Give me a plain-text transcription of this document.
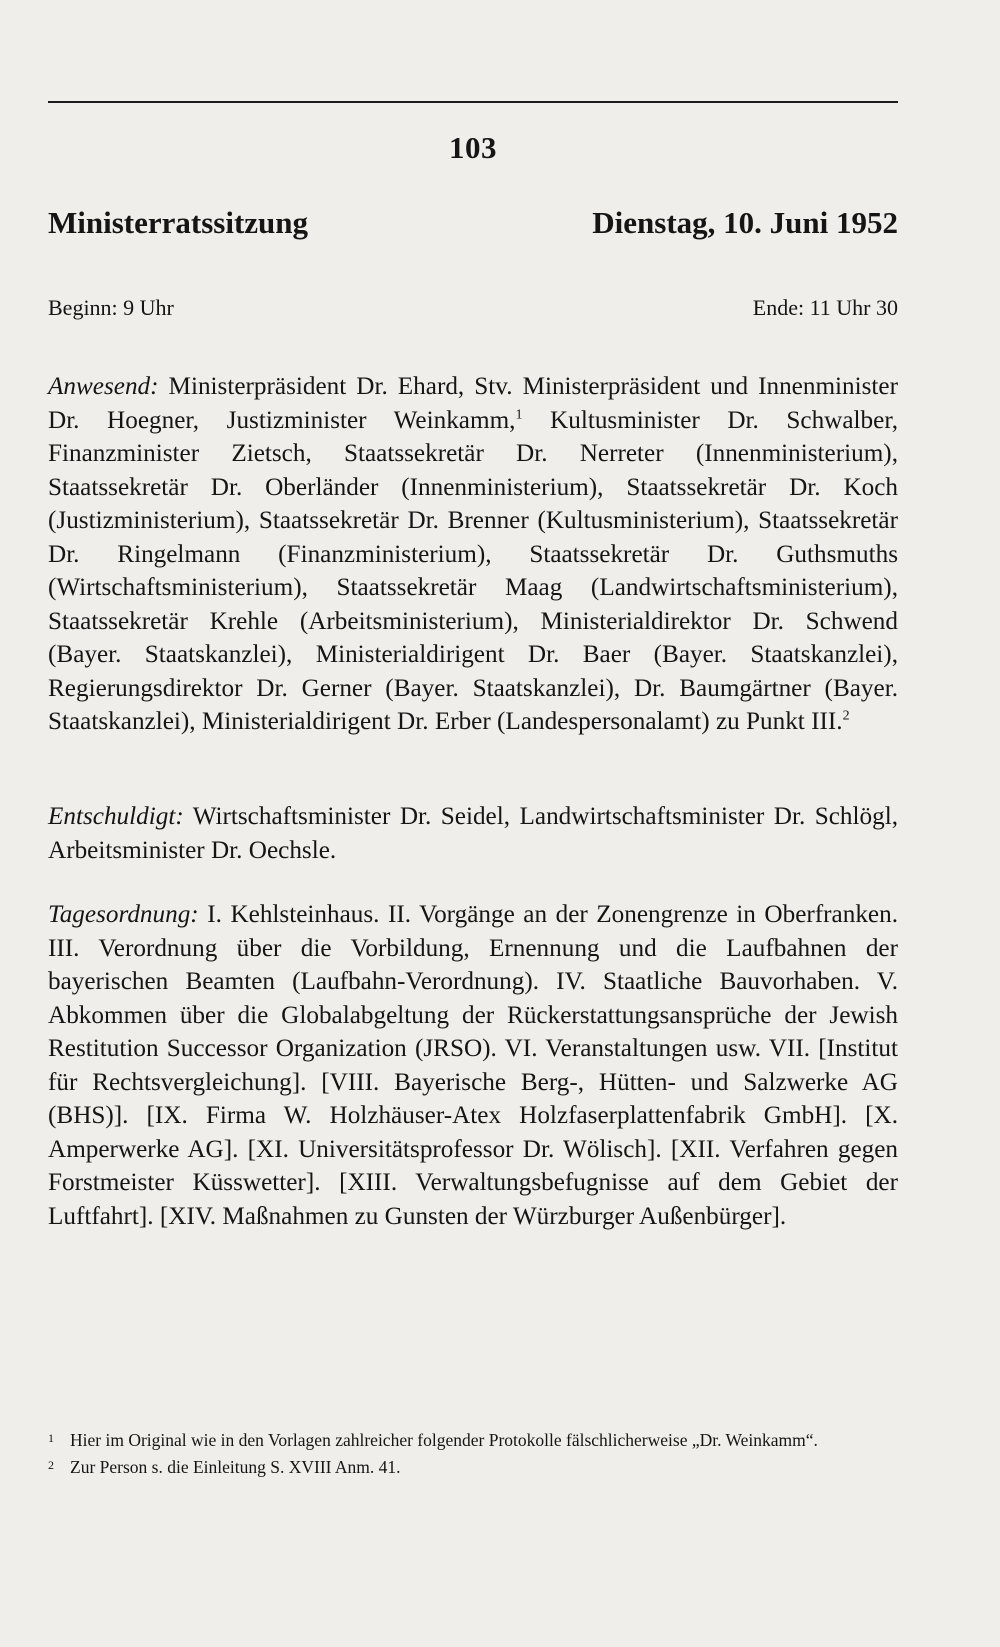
103
Ministerratssitzung	Dienstag, 10. Juni 1952
Beginn: 9 Uhr	Ende: 11 Uhr 30

Anwesend: Ministerpräsident Dr. Ehard, Stv. Ministerpräsident und Innenminister Dr. Hoegner, Justizminister Weinkamm,$^1$ Kultusminister Dr. Schwalber, Finanzminister Zietsch, Staatssekretär Dr. Nerreter (Innenministerium), Staatssekretär Dr. Oberländer (Innenministerium), Staatssekretär Dr. Koch (Justizministerium), Staatssekretär Dr. Brenner (Kultusministerium), Staatssekretär Dr. Ringelmann (Finanzministerium), Staatssekretär Dr. Guthsmuths (Wirtschaftsministerium), Staatssekretär Maag (Landwirtschaftsministerium), Staatssekretär Krehle (Arbeitsministerium), Ministerialdirektor Dr. Schwend (Bayer. Staatskanzlei), Ministerialdirigent Dr. Baer (Bayer. Staatskanzlei), Regierungsdirektor Dr. Gerner (Bayer. Staatskanzlei), Dr. Baumgärtner (Bayer. Staatskanzlei), Ministerialdirigent Dr. Erber (Landespersonalamt) zu Punkt III.$^2$

Entschuldigt: Wirtschaftsminister Dr. Seidel, Landwirtschaftsminister Dr. Schlögl, Arbeitsminister Dr. Oechsle.

Tagesordnung: I. Kehlsteinhaus. II. Vorgänge an der Zonengrenze in Oberfranken. III. Verordnung über die Vorbildung, Ernennung und die Laufbahnen der bayerischen Beamten (Laufbahn-Verordnung). IV. Staatliche Bauvorhaben. V. Abkommen über die Globalabgeltung der Rückerstattungsansprüche der Jewish Restitution Successor Organization (JRSO). VI. Veranstaltungen usw. VII. [Institut für Rechtsvergleichung]. [VIII. Bayerische Berg-, Hütten- und Salzwerke AG (BHS)]. [IX. Firma W. Holzhäuser-Atex Holzfaserplattenfabrik GmbH]. [X. Amperwerke AG]. [XI. Universitätsprofessor Dr. Wölisch]. [XII. Verfahren gegen Forstmeister Küsswetter]. [XIII. Verwaltungsbefugnisse auf dem Gebiet der Luftfahrt]. [XIV. Maßnahmen zu Gunsten der Würzburger Außenbürger].

1 Hier im Original wie in den Vorlagen zahlreicher folgender Protokolle fälschlicherweise „Dr. Weinkamm“.
2 Zur Person s. die Einleitung S. XVIII Anm. 41.
